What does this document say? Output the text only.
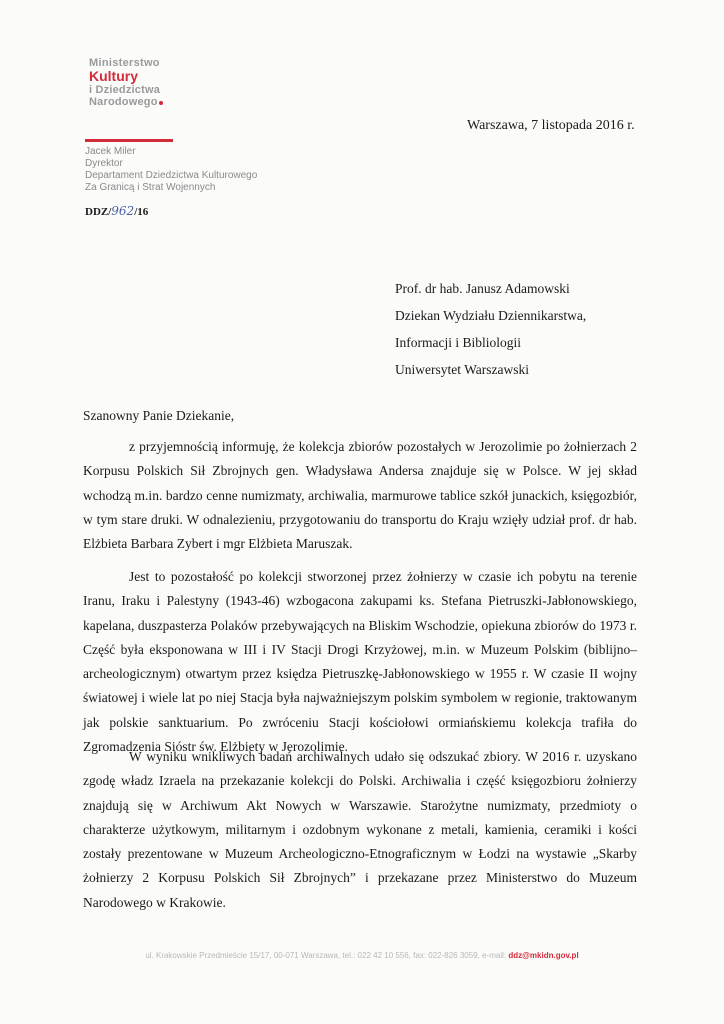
Ministerstwo
Kultury
i Dziedzictwa
Narodowego
Jacek Miler
Dyrektor
Departament Dziedzictwa Kulturowego
Za Granicą i Strat Wojennych
DDZ/962/16
Warszawa, 7 listopada 2016 r.
Prof. dr hab. Janusz Adamowski
Dziekan Wydziału Dziennikarstwa,
Informacji i Bibliologii
Uniwersytet Warszawski
Szanowny Panie Dziekanie,
z przyjemnością informuję, że kolekcja zbiorów pozostałych w Jerozolimie po żołnierzach 2 Korpusu Polskich Sił Zbrojnych gen. Władysława Andersa znajduje się w Polsce. W jej skład wchodzą m.in. bardzo cenne numizmaty, archiwalia, marmurowe tablice szkół junackich, księgozbiór, w tym stare druki. W odnalezieniu, przygotowaniu do transportu do Kraju wzięły udział prof. dr hab. Elżbieta Barbara Zybert i mgr Elżbieta Maruszak.
Jest to pozostałość po kolekcji stworzonej przez żołnierzy w czasie ich pobytu na terenie Iranu, Iraku i Palestyny (1943-46) wzbogacona zakupami ks. Stefana Pietruszki-Jabłonowskiego, kapelana, duszpasterza Polaków przebywających na Bliskim Wschodzie, opiekuna zbiorów do 1973 r. Część była eksponowana w III i IV Stacji Drogi Krzyżowej, m.in. w Muzeum Polskim (biblijno–archeologicznym) otwartym przez księdza Pietruszkę-Jabłonowskiego w 1955 r. W czasie II wojny światowej i wiele lat po niej Stacja była najważniejszym polskim symbolem w regionie, traktowanym jak polskie sanktuarium. Po zwróceniu Stacji kościołowi ormiańskiemu kolekcja trafiła do Zgromadzenia Sióstr św. Elżbiety w Jerozolimie.
W wyniku wnikliwych badań archiwalnych udało się odszukać zbiory. W 2016 r. uzyskano zgodę władz Izraela na przekazanie kolekcji do Polski. Archiwalia i część księgozbioru żołnierzy znajdują się w Archiwum Akt Nowych w Warszawie. Starożytne numizmaty, przedmioty o charakterze użytkowym, militarnym i ozdobnym wykonane z metali, kamienia, ceramiki i kości zostały prezentowane w Muzeum Archeologiczno-Etnograficznym w Łodzi na wystawie „Skarby żołnierzy 2 Korpusu Polskich Sił Zbrojnych” i przekazane przez Ministerstwo do Muzeum Narodowego w Krakowie.
ul. Krakowskie Przedmieście 15/17, 00-071 Warszawa, tel.: 022 42 10 556, fax: 022-826 3059, e-mail: ddz@mkidn.gov.pl
